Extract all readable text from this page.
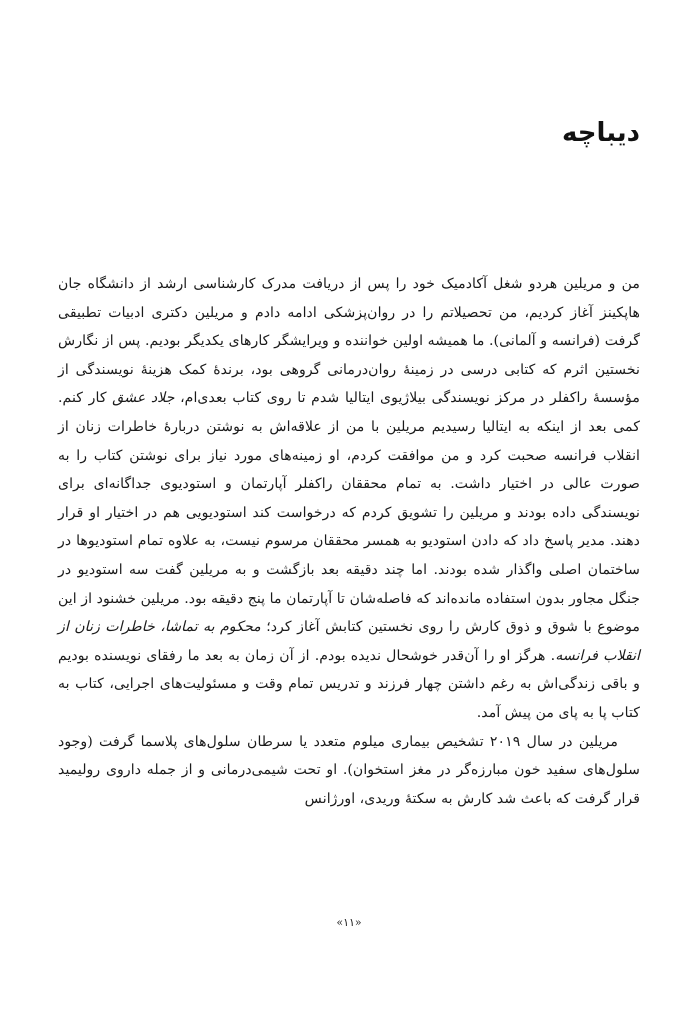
دیباچه

من و مریلین هردو شغل آکادمیک خود را پس از دریافت مدرک کارشناسی ارشد از دانشگاه جان هاپکینز آغاز کردیم، من تحصیلاتم را در روان‌پزشکی ادامه دادم و مریلین دکتری ادبیات تطبیقی گرفت (فرانسه و آلمانی). ما همیشه اولین خواننده و ویرایشگر کارهای یکدیگر بودیم. پس از نگارش نخستین اثرم که کتابی درسی در زمینهٔ روان‌درمانی گروهی بود، برندهٔ کمک هزینهٔ نویسندگی از مؤسسهٔ راکفلر در مرکز نویسندگی بیلاژیوی ایتالیا شدم تا روی کتاب بعدی‌ام، جلاد عشق کار کنم. کمی بعد از اینکه به ایتالیا رسیدیم مریلین با من از علاقه‌اش به نوشتن دربارهٔ خاطرات زنان از انقلاب فرانسه صحبت کرد و من موافقت کردم، او زمینه‌های مورد نیاز برای نوشتن کتاب را به صورت عالی در اختیار داشت. به تمام محققان راکفلر آپارتمان و استودیوی جداگانه‌ای برای نویسندگی داده بودند و مریلین را تشویق کردم که درخواست کند استودیویی هم در اختیار او قرار دهند. مدیر پاسخ داد که دادن استودیو به همسر محققان مرسوم نیست، به علاوه تمام استودیوها در ساختمان اصلی واگذار شده بودند. اما چند دقیقه بعد بازگشت و به مریلین گفت سه استودیو در جنگل مجاور بدون استفاده مانده‌اند که فاصله‌شان تا آپارتمان ما پنج دقیقه بود. مریلین خشنود از این موضوع با شوق و ذوق کارش را روی نخستین کتابش آغاز کرد؛ محکوم به تماشا، خاطرات زنان از انقلاب فرانسه. هرگز او را آن‌قدر خوشحال ندیده بودم. از آن زمان به بعد ما رفقای نویسنده بودیم و باقی زندگی‌اش به رغم داشتن چهار فرزند و تدریس تمام وقت و مسئولیت‌های اجرایی، کتاب به کتاب پا به پای من پیش آمد.

مریلین در سال ۲۰۱۹ تشخیص بیماری میلوم متعدد یا سرطان سلول‌های پلاسما گرفت (وجود سلول‌های سفید خون مبارزه‌گر در مغز استخوان). او تحت شیمی‌درمانی و از جمله داروی رولیمید قرار گرفت که باعث شد کارش به سکتهٔ وریدی، اورژانس

«۱۱»
